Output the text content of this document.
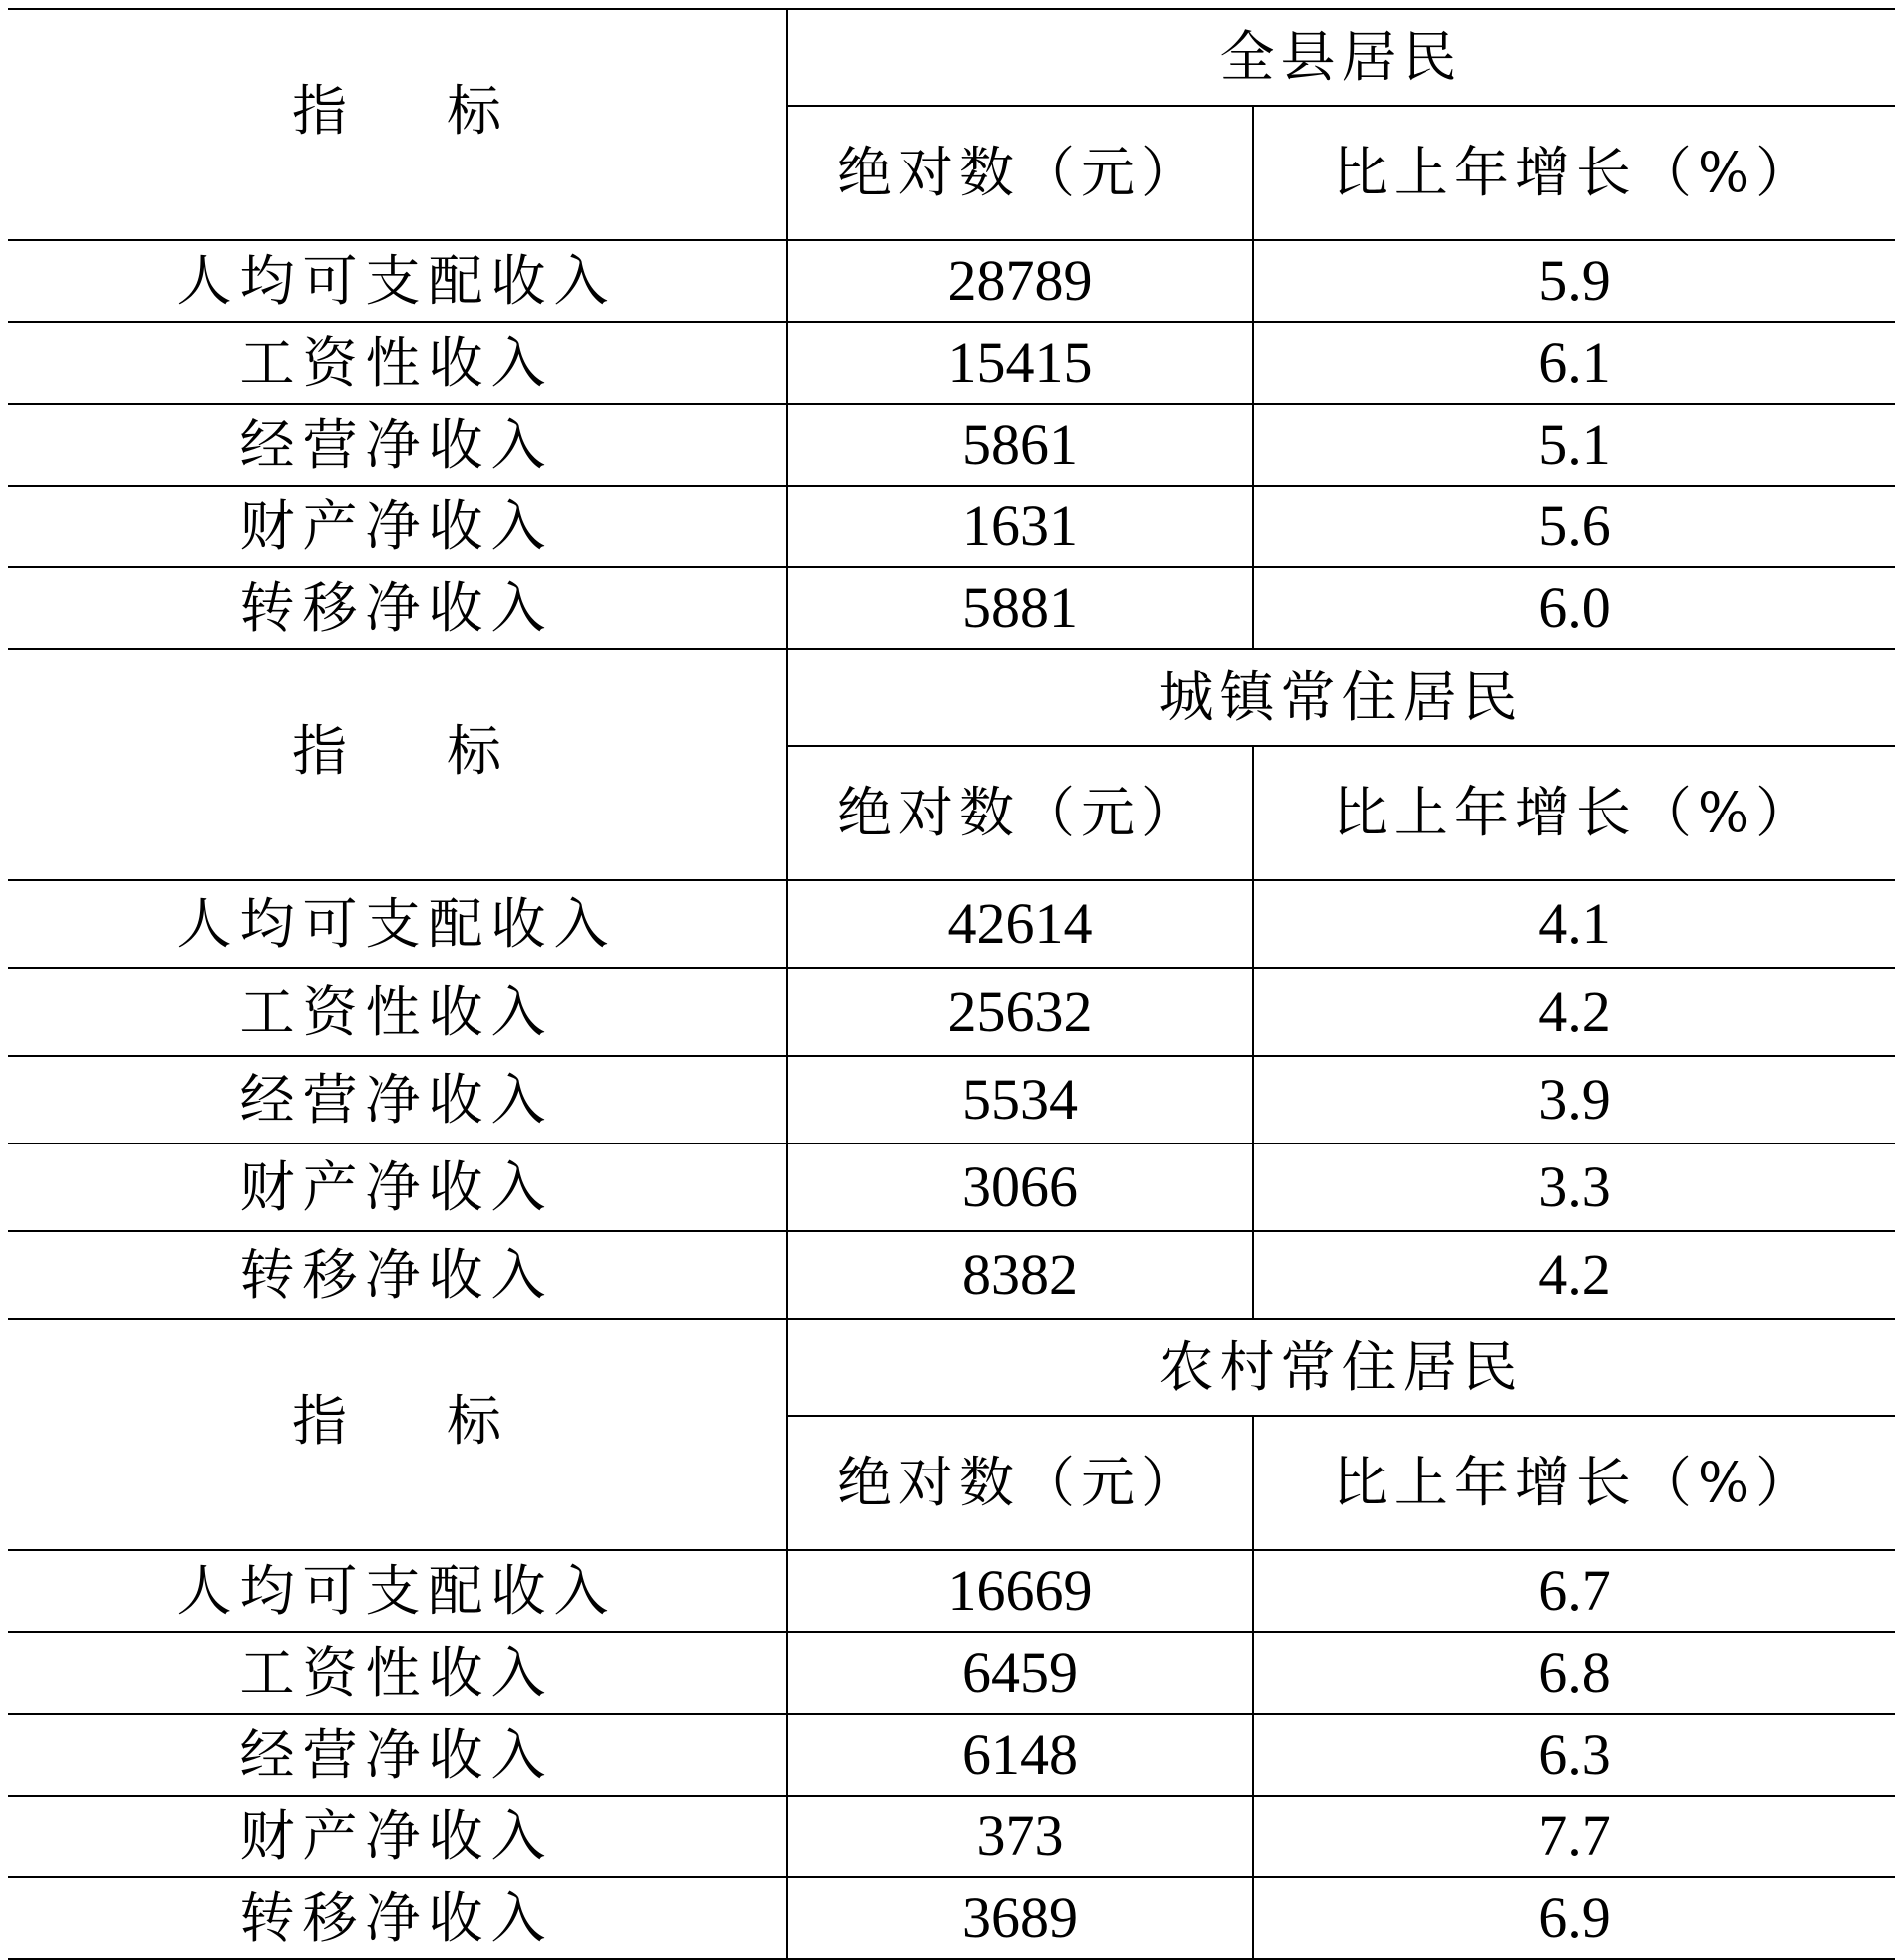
指 标	全县居民	
	绝对数（元）	比上年增长（%）
人均可支配收入	28789	5.9
工资性收入	15415	6.1
经营净收入	5861	5.1
财产净收入	1631	5.6
转移净收入	5881	6.0
指 标	城镇常住居民	
	绝对数（元）	比上年增长（%）
人均可支配收入	42614	4.1
工资性收入	25632	4.2
经营净收入	5534	3.9
财产净收入	3066	3.3
转移净收入	8382	4.2
指 标	农村常住居民	
	绝对数（元）	比上年增长（%）
人均可支配收入	16669	6.7
工资性收入	6459	6.8
经营净收入	6148	6.3
财产净收入	373	7.7
转移净收入	3689	6.9
